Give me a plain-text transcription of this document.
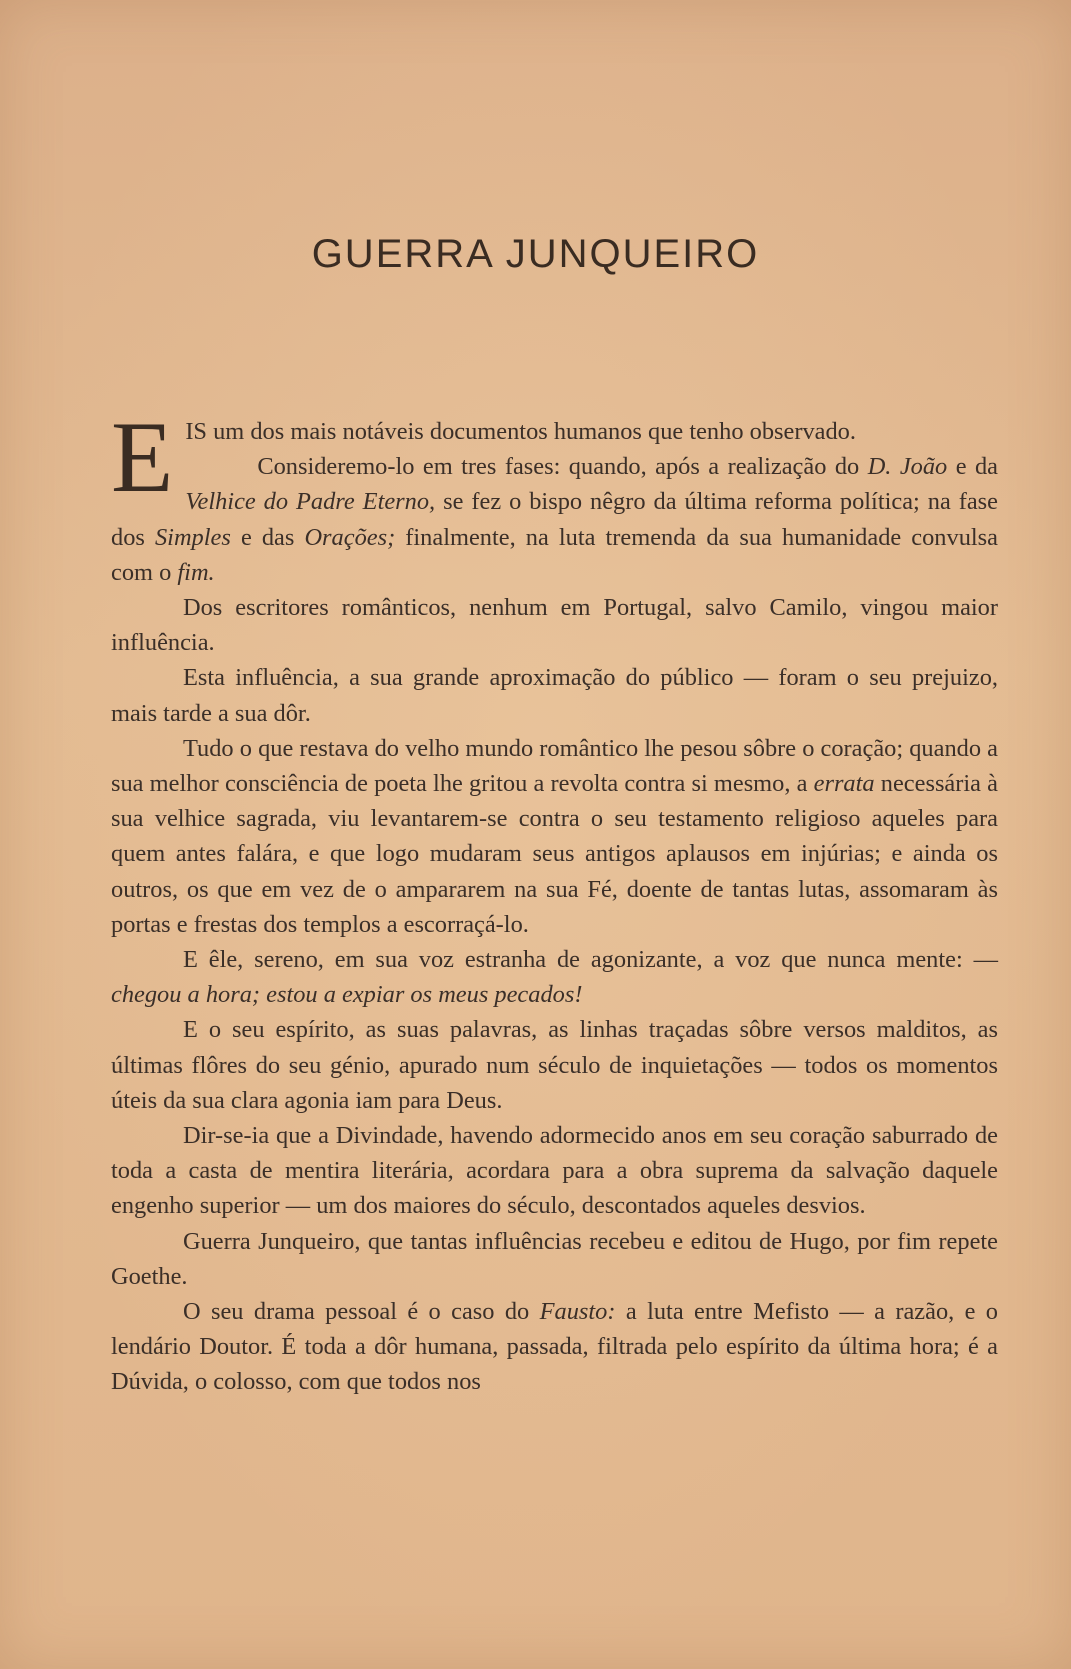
GUERRA JUNQUEIRO

EIS um dos mais notáveis documentos humanos que tenho observado.

Consideremo-lo em tres fases: quando, após a realização do D. João e da Velhice do Padre Eterno, se fez o bispo nêgro da última reforma política; na fase dos Simples e das Orações; finalmente, na luta tremenda da sua humanidade convulsa com o fim.

Dos escritores românticos, nenhum em Portugal, salvo Camilo, vingou maior influência.

Esta influência, a sua grande aproximação do público — foram o seu prejuizo, mais tarde a sua dôr.

Tudo o que restava do velho mundo romântico lhe pesou sôbre o coração; quando a sua melhor consciência de poeta lhe gritou a revolta contra si mesmo, a errata necessária à sua velhice sagrada, viu levantarem-se contra o seu testamento religioso aqueles para quem antes falára, e que logo mudaram seus antigos aplausos em injúrias; e ainda os outros, os que em vez de o ampararem na sua Fé, doente de tantas lutas, assomaram às portas e frestas dos templos a escorraçá-lo.

E êle, sereno, em sua voz estranha de agonizante, a voz que nunca mente: — chegou a hora; estou a expiar os meus pecados!

E o seu espírito, as suas palavras, as linhas traçadas sôbre versos malditos, as últimas flôres do seu génio, apurado num século de inquietações — todos os momentos úteis da sua clara agonia iam para Deus.

Dir-se-ia que a Divindade, havendo adormecido anos em seu coração saburrado de toda a casta de mentira literária, acordara para a obra suprema da salvação daquele engenho superior — um dos maiores do século, descontados aqueles desvios.

Guerra Junqueiro, que tantas influências recebeu e editou de Hugo, por fim repete Goethe.

O seu drama pessoal é o caso do Fausto: a luta entre Mefisto — a razão, e o lendário Doutor. É toda a dôr humana, passada, filtrada pelo espírito da última hora; é a Dúvida, o colosso, com que todos nos
